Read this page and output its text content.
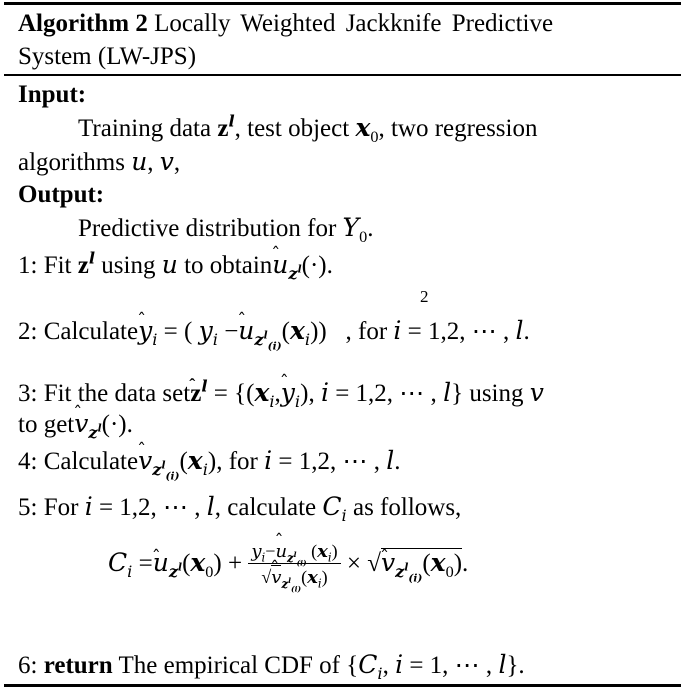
Algorithm 2 Locally Weighted Jackknife Predictive
System (LW-JPS)
Input:
Training data $z^l$, test object $x_0$, two regression
algorithms u, v,
Output:
Predictive distribution for $Y_0$.
1: Fit $z^l$ using u to obtainˆ $u_{z^l}(\cdot)$.
2
2: Calculateˆ $y_i$ = ( $y_i$ −ˆ $u_{z^l_{(i)}}(x_i)$)   , for i = 1,2, ⋯ , l.
3: Fit the data setˆ $z^l$ = {($x_i,ˆ$ $y_i$), i = 1,2, ⋯ , l} using v
to getˆ $v_{z^l}(\cdot)$.
4: Calculateˆ $v_{z^l_{(i)}}(x_i)$, for i = 1,2, ⋯ , l.
5: For i = 1,2, ⋯ , l, calculate $C_i$ as follows,
$C_i$ =ˆ $u_{z^l}(x_0) + \frac{y_i-ˆ u_{z^l_{(i)}} (x_i)}{√ˆ v_{z^l_{(i)}}(x_i)}$ × √ˆ $v_{z^l_{(i)}}(x_0)$.
6: return The empirical CDF of {$C_i$, i = 1, ⋯ , l}.
